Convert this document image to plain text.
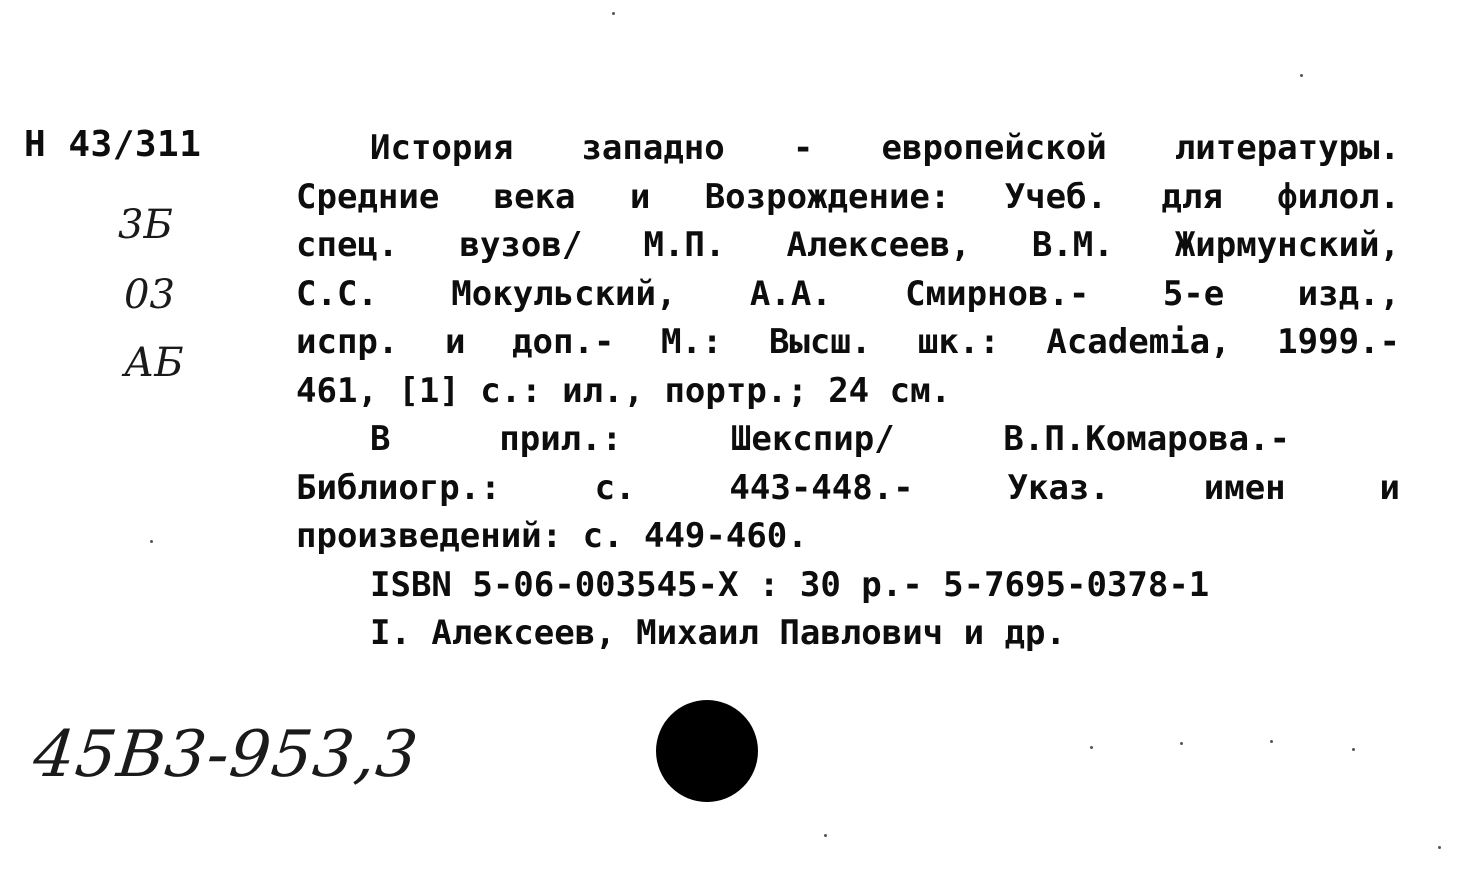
Н 43/311
3Б
03
АБ
История западно - европейской литературы.
Средние века и Возрождение: Учеб. для филол.
спец. вузов/ М.П. Алексеев, В.М. Жирмунский,
С.С. Мокульский, А.А. Смирнов.- 5-е изд.,
испр. и доп.- М.: Высш. шк.: Academia, 1999.-
461, [1] с.: ил., портр.; 24 см.
В прил.: Шекспир/ В.П.Комарова.-
Библиогр.: с. 443-448.- Указ. имен и
произведений: с. 449-460.
ISBN 5-06-003545-X : 30 р.- 5-7695-0378-1
I. Алексеев, Михаил Павлович и др.
45В3-953,3
